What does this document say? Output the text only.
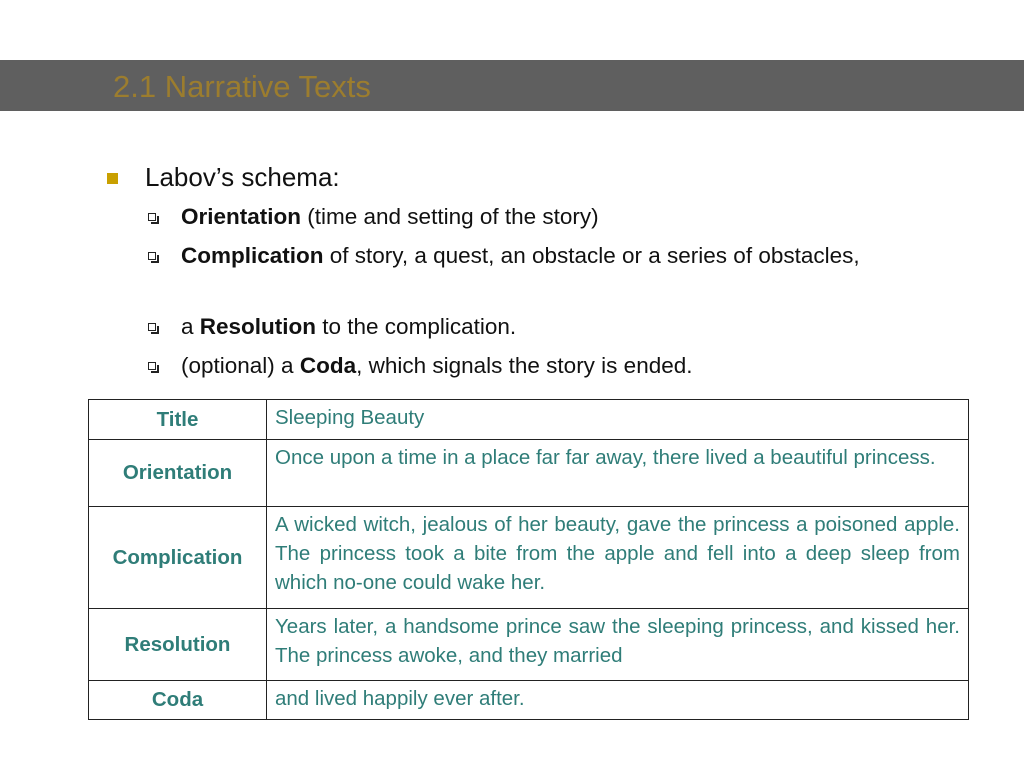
2.1 Narrative Texts
Labov’s schema:
Orientation (time and setting of the story)
Complication of story, a quest, an obstacle or a series of obstacles,
a Resolution to the complication.
(optional) a Coda, which signals the story is ended.
Title	Sleeping Beauty
Orientation	Once upon a time in a place far far away, there lived a beautiful princess.
Complication	A wicked witch, jealous of her beauty, gave the princess a poisoned apple. The princess took a bite from the apple and fell into a deep sleep from which no-one could wake her.
Resolution	Years later, a handsome prince saw the sleeping princess, and kissed her. The princess awoke, and they married
Coda	and lived happily ever after.
